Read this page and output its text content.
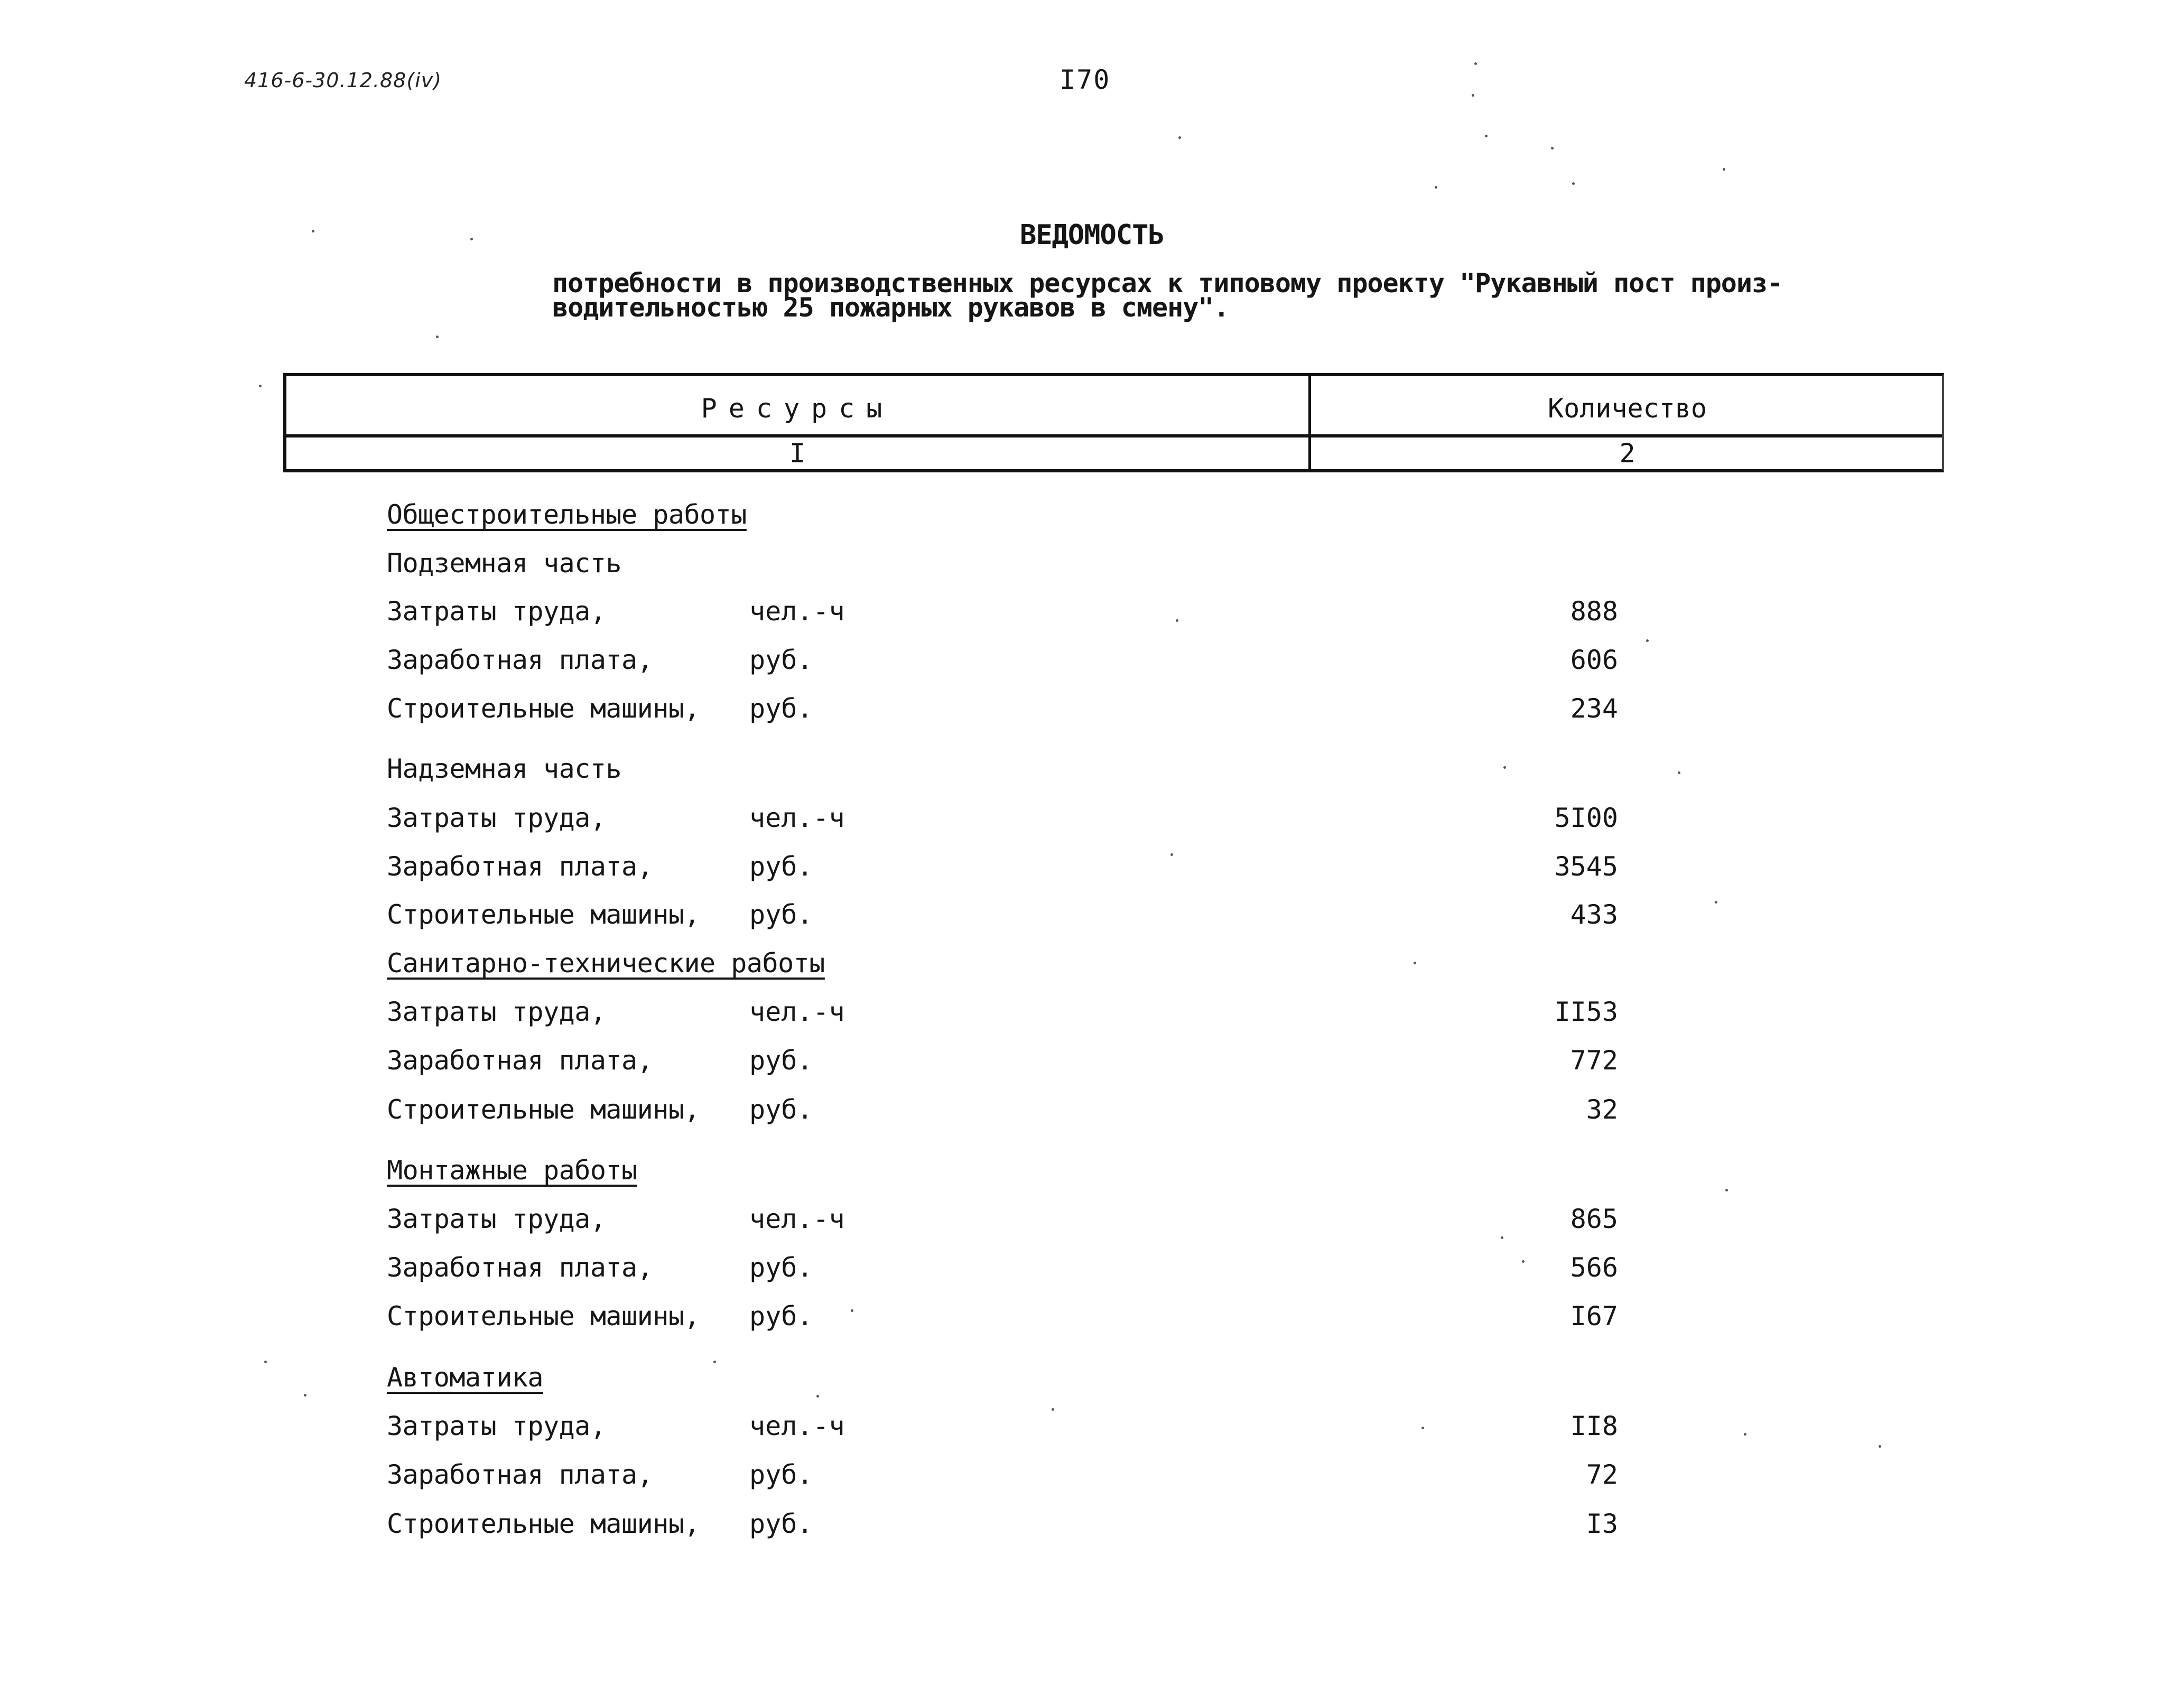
416-6-30.12.88(iv)	I70
ВЕДОМОСТЬ
потребности в производственных ресурсах к типовому проекту "Рукавный пост произ-
водительностью 25 пожарных рукавов в смену".
Ресурсы	Количество
I	2
Общестроительные работы
Подземная часть
Затраты труда,	чел.-ч	888
Заработная плата,	руб.	606
Строительные машины, руб.	234
Надземная часть
Затраты труда,	чел.-ч	5I00
Заработная плата,	руб.	3545
Строительные машины, руб.	433
Санитарно-технические работы
Затраты труда,	чел.-ч	II53
Заработная плата,	руб.	772
Строительные машины, руб.	32
Монтажные работы
Затраты труда,	чел.-ч	865
Заработная плата,	руб.	566
Строительные машины, руб.	I67
Автоматика
Затраты труда,	чел.-ч	II8
Заработная плата,	руб.	72
Строительные машины, руб.	I3
